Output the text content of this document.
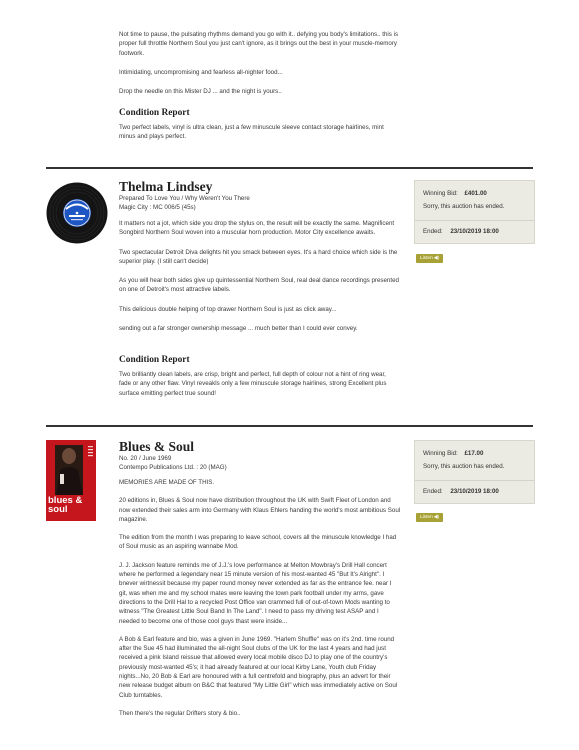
Not time to pause, the pulsating rhythms demand you go with it.. defying you body's limitations.. this is proper full throttle Northern Soul you just can't ignore, as it brings out the best in your muscle-memory footwork.

Intimidating, uncompromising and fearless all-nighter food...

Drop the needle on this Mister DJ ... and the night is yours..

Condition Report

Two perfect labels, vinyl is ultra clean, just a few minuscule sleeve contact storage hairlines, mint minus and plays perfect.

Thelma Lindsey

Prepared To Love You / Why Weren't You There

Magic City : MC 006/5 (45s)

It matters not a jot, which side you drop the stylus on, the result will be exactly the same. Magnificent Songbird Northern Soul woven into a muscular horn production. Motor City excellence awaits.

Two spectacular Detroit Diva delights hit you smack between eyes. It's a hard choice which side is the superior play. (I still can't decide)

As you will hear both sides give up quintessential Northern Soul, real deal dance recordings presented on one of Detroit's most attractive labels.

This delicious double helping of top drawer Northern Soul is just as click away...

sending out a far stronger ownership message ... much better than I could ever convey.

Condition Report

Two brilliantly clean labels, are crisp, bright and perfect, full depth of colour not a hint of ring wear, fade or any other flaw. Vinyl reveakls only a few minuscule storage hairlines, strong Excellent plus surface emitting perfect true sound!

Winning Bid: £401.00
Sorry, this auction has ended.
Ended: 23/10/2019 18:00
Listen ◀)
blues & soul
Blues & Soul

No. 20 / June 1969

Contempo Publications Ltd. : 20 (MAG)

MEMORIES ARE MADE OF THIS.

20 editions in, Blues & Soul now have distribution throughout the UK with Swift Fleet of London and now extended their sales arm into Germany with Klaus Ehlers handing the world's most ambitious Soul magazine.

The edition from the month I was preparing to leave school, covers all the minuscule knowledge I had of Soul music as an aspiring wannabe Mod.

J. J. Jackson feature reminds me of J.J.'s love performance at Melton Mowbray's Drill Hall concert where he performed a legendary near 15 minute version of his most-wanted 45 "But It's Alright". I bnever wirtnessit because my paper round money never extended as far as the entrance fee. near I git, was when me and my school mates were leaving the town park football under my arms, gave directions to the Drill Hal to a recycled Post Office van crammed full of out-of-town Mods wanting to witness "The Greatest Little Soul Band In The Land". I need to pass my driving test ASAP and I needed to become one of those cool guys thast were inside...

A Bob & Earl feature and bio, was a given in June 1969. "Harlem Shuffle" was on it's 2nd. time round after the Sue 45 had illuminated the all-night Soul clubs of the UK for the last 4 years and had just received a pink Island reissue that allowed every local mobile disco DJ to play one of the country's previously most-wanted 45's; it had already featured at our local Kirby Lane, Youth club Friday nights...No, 20 Bob & Earl are honoured with a full centrefold and biography, plus an advert for their new release budget album on B&C that featured "My Little Girl" which was immediately active on Soul Club turntables.

Then there's the regular Drifters story & bio..

Winning Bid: £17.00
Sorry, this auction has ended.
Ended: 23/10/2019 18:00
Listen ◀)
